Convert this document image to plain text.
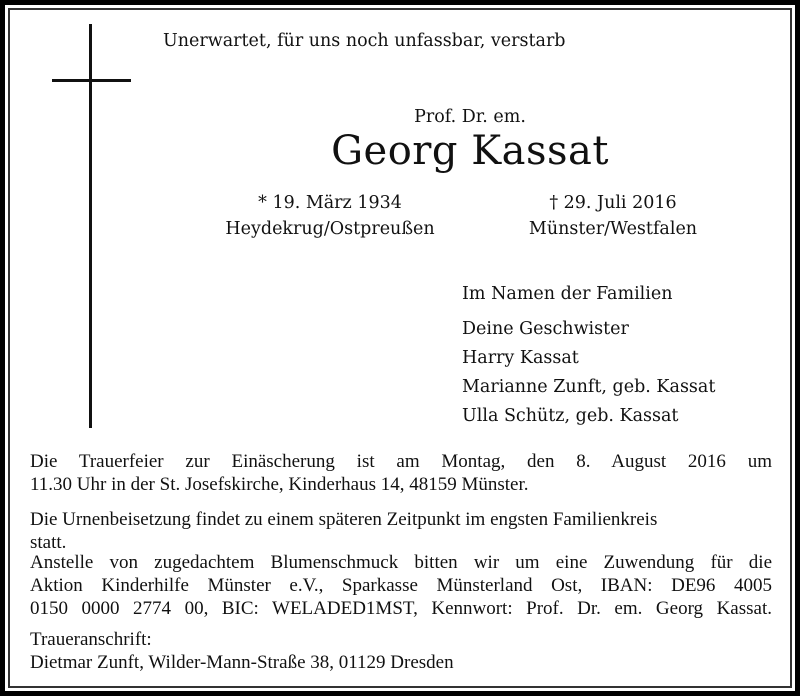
Unerwartet, für uns noch unfassbar, verstarb
Prof. Dr. em.
Georg Kassat
* 19. März 1934
Heydekrug/Ostpreußen
† 29. Juli 2016
Münster/Westfalen
Im Namen der Familien
Deine Geschwister
Harry Kassat
Marianne Zunft, geb. Kassat
Ulla Schütz, geb. Kassat
Die Trauerfeier zur Einäscherung ist am Montag, den 8. August 2016 um
11.30 Uhr in der St. Josefskirche, Kinderhaus 14, 48159 Münster.
Die Urnenbeisetzung findet zu einem späteren Zeitpunkt im engsten Familienkreis
statt.
Anstelle von zugedachtem Blumenschmuck bitten wir um eine Zuwendung für die
Aktion Kinderhilfe Münster e.V., Sparkasse Münsterland Ost, IBAN: DE96 4005
0150 0000 2774 00, BIC: WELADED1MST, Kennwort: Prof. Dr. em. Georg Kassat.
Traueranschrift:
Dietmar Zunft, Wilder-Mann-Straße 38, 01129 Dresden
